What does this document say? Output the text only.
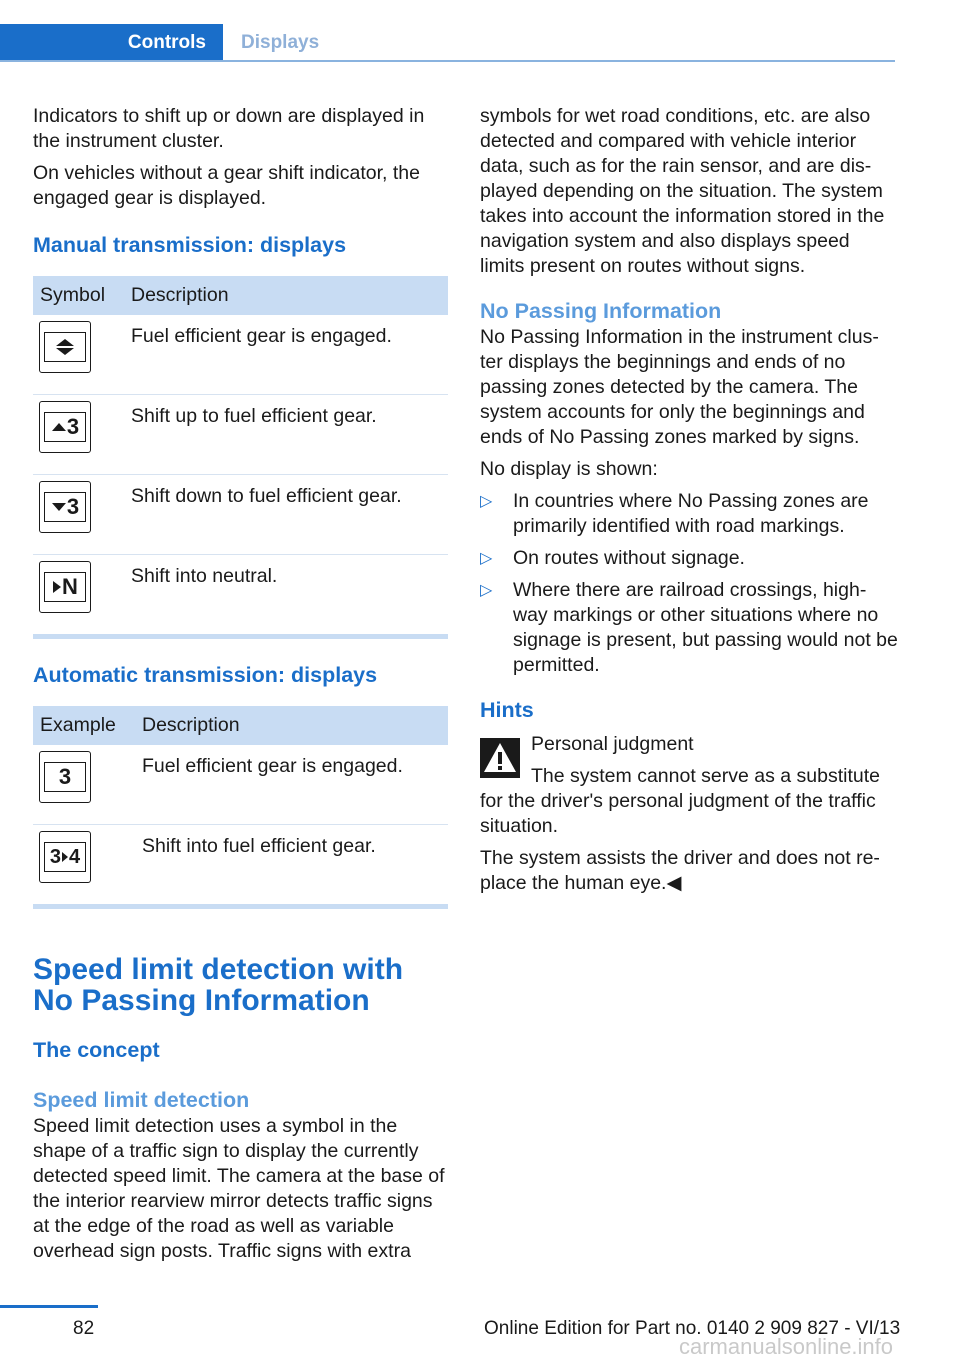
Controls	Displays

Indicators to shift up or down are displayed in the instrument cluster.

On vehicles without a gear shift indicator, the engaged gear is displayed.

Manual transmission: displays
Symbol	Description

	Fuel efficient gear is engaged.

3	Shift up to fuel efficient gear.

3	Shift down to fuel efficient gear.

N	Shift into neutral.
Automatic transmission: displays
Example	Description

3	Fuel efficient gear is engaged.

3 4	Shift into fuel efficient gear.
Speed limit detection with No Passing Information
The concept
Speed limit detection

Speed limit detection uses a symbol in the shape of a traffic sign to display the currently detected speed limit. The camera at the base of the interior rearview mirror detects traffic signs at the edge of the road as well as variable overhead sign posts. Traffic signs with extra

symbols for wet road conditions, etc. are also detected and compared with vehicle interior data, such as for the rain sensor, and are dis-played depending on the situation. The system takes into account the information stored in the navigation system and also displays speed limits present on routes without signs.

No Passing Information

No Passing Information in the instrument clus-ter displays the beginnings and ends of no passing zones detected by the camera. The system accounts for only the beginnings and ends of No Passing zones marked by signs.

No display is shown:

▷ In countries where No Passing zones are primarily identified with road markings.
▷ On routes without signage.
▷ Where there are railroad crossings, high-way markings or other situations where no signage is present, but passing would not be permitted.
Hints

Personal judgment

The system cannot serve as a substitute for the driver's personal judgment of the traffic situation.

The system assists the driver and does not re-place the human eye.◀

82	Online Edition for Part no. 0140 2 909 827 - VI/13
carmanualsonline.info
